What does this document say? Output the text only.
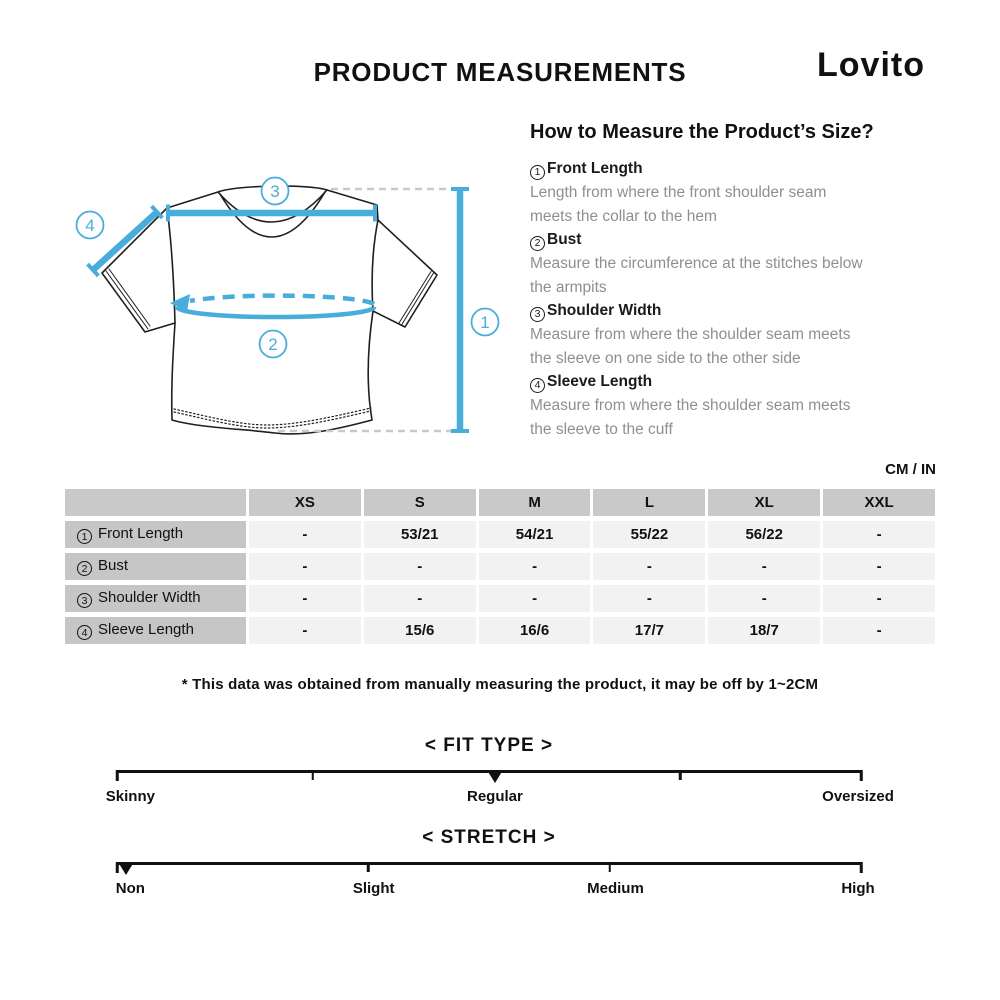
PRODUCT MEASUREMENTS	Lovito
3
4
1
2
How to Measure the Product’s Size?
1 Front Length
Length from where the front shoulder seam meets the collar to the hem
2 Bust
Measure the circumference at the stitches below the armpits
3 Shoulder Width
Measure from where the shoulder seam meets the sleeve on one side to the other side
4 Sleeve Length
Measure from where the shoulder seam meets the sleeve to the cuff
CM / IN
	XS	S	M	L	XL	XXL
1 Front Length	-	53/21	54/21	55/22	56/22	-
2 Bust	-	-	-	-	-	-
3 Shoulder Width	-	-	-	-	-	-
4 Sleeve Length	-	15/6	16/6	17/7	18/7	-
* This data was obtained from manually measuring the product, it may be off by 1~2CM
< FIT TYPE >
Skinny	Regular	Oversized
< STRETCH >
Non	Slight	Medium	High
